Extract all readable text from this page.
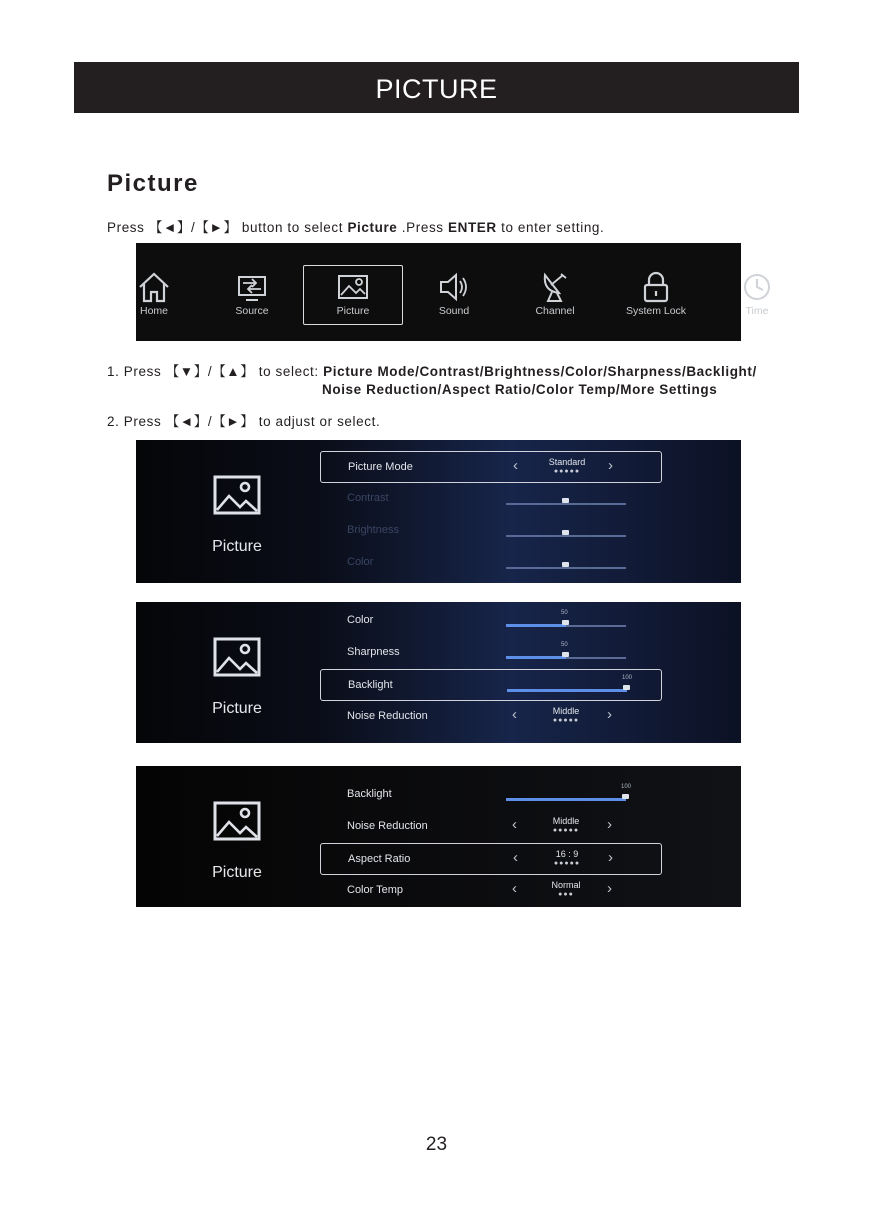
PICTURE
Picture
Press 【◄】/【►】 button to select Picture .Press ENTER to enter setting.
Home	Source	Picture	Sound	Channel	System Lock	Time
1. Press 【▼】/【▲】 to select: Picture Mode/Contrast/Brightness/Color/Sharpness/Backlight/
Noise Reduction/Aspect Ratio/Color Temp/More Settings
2. Press 【◄】/【►】 to adjust or select.
Picture
Picture Mode	‹	Standard
●●●●●	›
Contrast
Brightness
Color
Picture
Color
50
Sharpness
50
Backlight
100
Noise Reduction	‹	Middle
●●●●●	›
Picture
Backlight
100
Noise Reduction	‹	Middle
●●●●●	›
Aspect Ratio	‹	16 : 9
●●●●●	›
Color Temp	‹	Normal
●●●	›
23
